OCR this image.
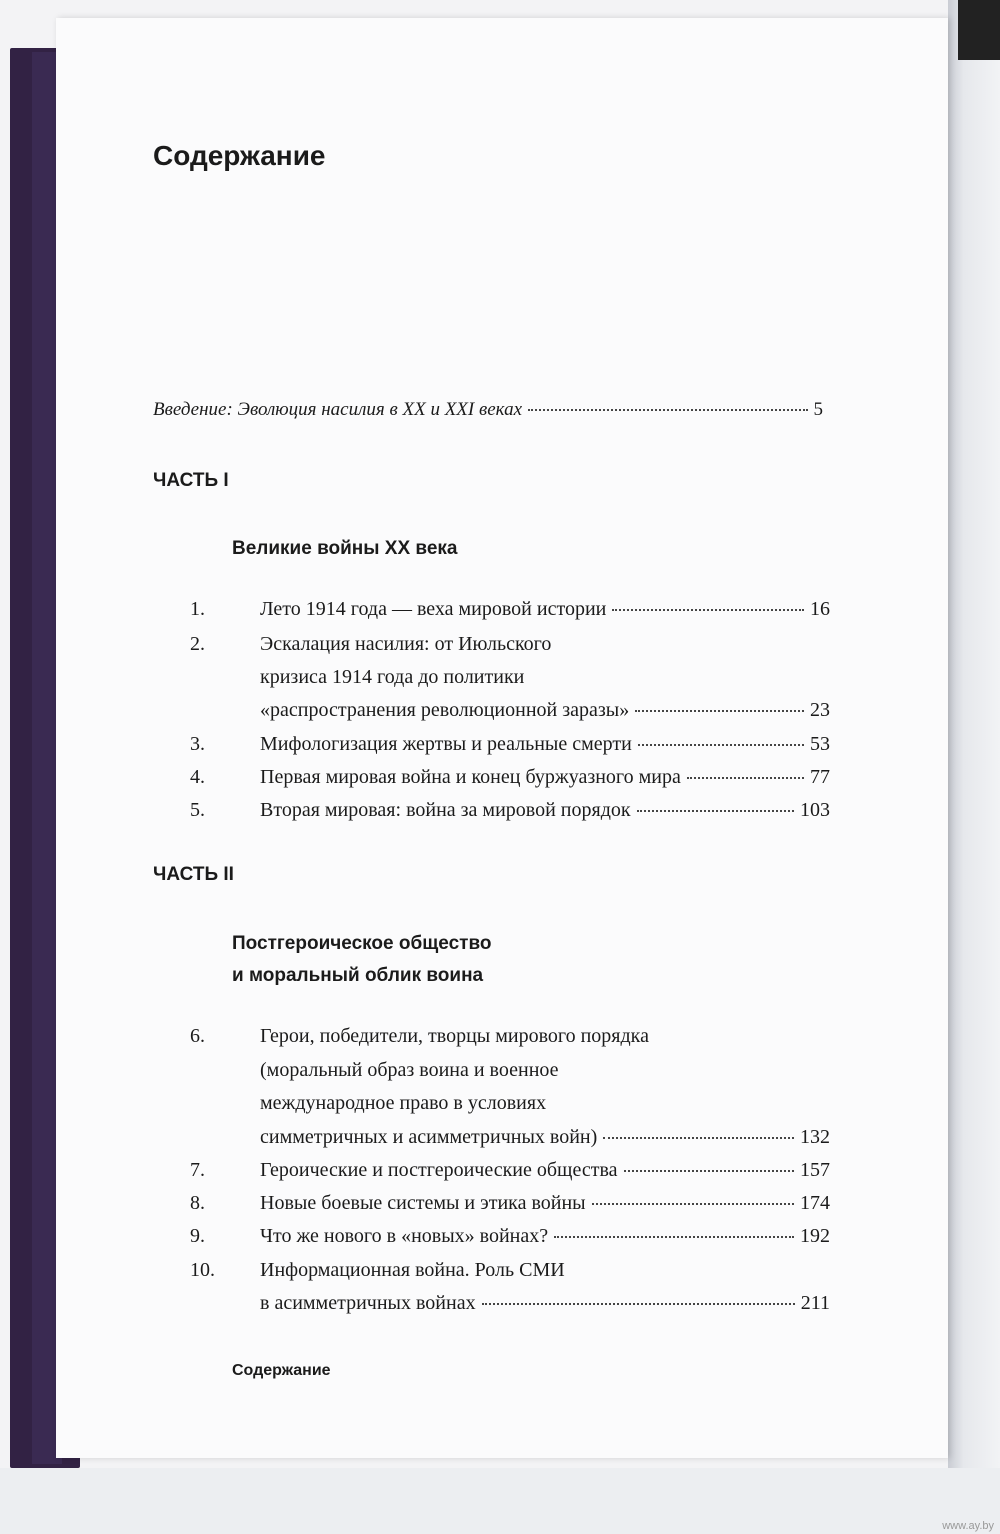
Содержание
Введение: Эволюция насилия в XX и XXI веках	5
ЧАСТЬ I
Великие войны XX века
1.	Лето 1914 года — веха мировой истории	16
2.	Эскалация насилия: от Июльского
кризиса 1914 года до политики
«распространения революционной заразы»	23
3.	Мифологизация жертвы и реальные смерти	53
4.	Первая мировая война и конец буржуазного мира	77
5.	Вторая мировая: война за мировой порядок	103
ЧАСТЬ II
Постгероическое общество
и моральный облик воина
6.	Герои, победители, творцы мирового порядка
(моральный образ воина и военное
международное право в условиях
симметричных и асимметричных войн)	132
7.	Героические и постгероические общества	157
8.	Новые боевые системы и этика войны	174
9.	Что же нового в «новых» войнах?	192
10.	Информационная война. Роль СМИ
в асимметричных войнах	211
Содержание
www.ay.by
